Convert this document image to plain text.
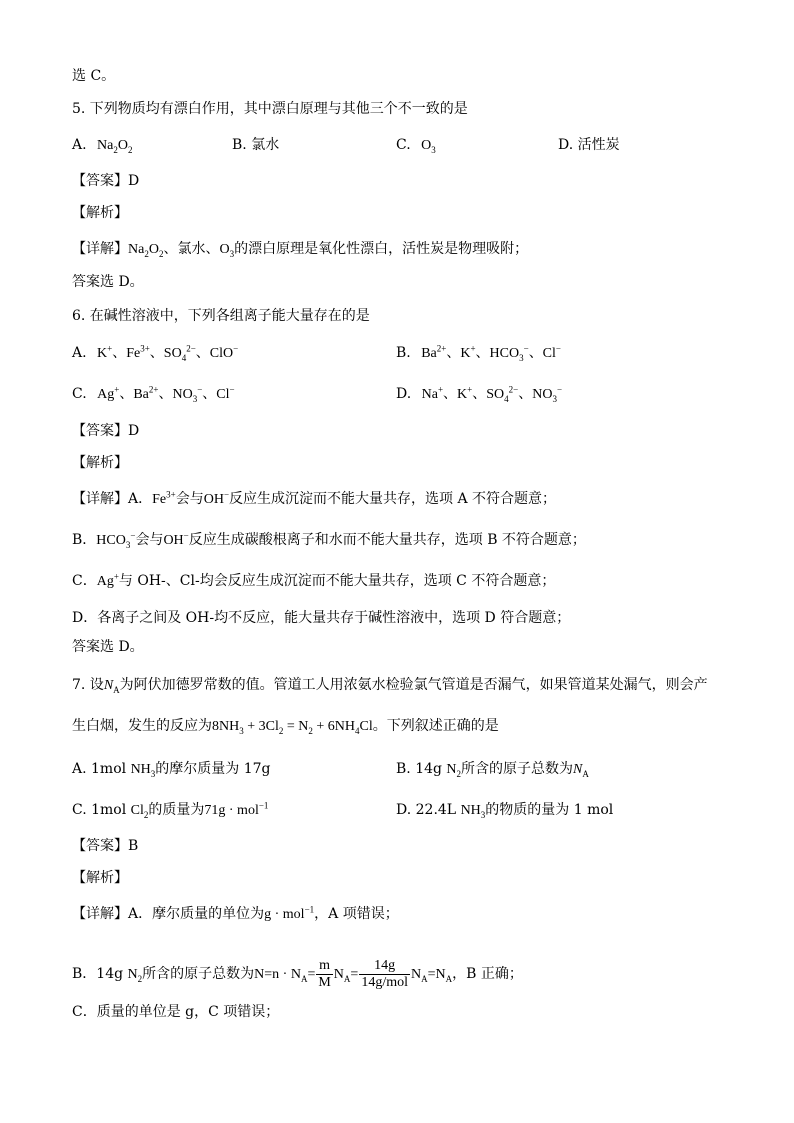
选 C。
5. 下列物质均有漂白作用，其中漂白原理与其他三个不一致的是
A. $Na_2O_2$	B. 氯水	C. $O_3$	D. 活性炭
【答案】D
【解析】
【详解】$Na_2O_2$、氯水、$O_3$的漂白原理是氧化性漂白，活性炭是物理吸附；
答案选 D。
6. 在碱性溶液中，下列各组离子能大量存在的是
A. K+、$Fe^{3+}$、$SO_4^{2-}$、ClO−	B. $Ba^{2+}$、K+、$HCO_3^-$、Cl−
C. Ag+、$Ba^{2+}$、$NO_3^-$、Cl−	D. Na+、K+、$SO_4^{2-}$、$NO_3^-$
【答案】D
【解析】
【详解】A．$Fe^{3+}$会与OH−反应生成沉淀而不能大量共存，选项 A 不符合题意；
B．$HCO_3^-$会与OH−反应生成碳酸根离子和水而不能大量共存，选项 B 不符合题意；
C．Ag+与 OH-、Cl-均会反应生成沉淀而不能大量共存，选项 C 不符合题意；
D．各离子之间及 OH-均不反应，能大量共存于碱性溶液中，选项 D 符合题意；
答案选 D。
7. 设$N_A$为阿伏加德罗常数的值。管道工人用浓氨水检验氯气管道是否漏气，如果管道某处漏气，则会产
生白烟，发生的反应为$8NH_3 + 3Cl_2 = N_2 + 6NH_4Cl$。下列叙述正确的是
A. 1mol $NH_3$的摩尔质量为 17g	B. 14g $N_2$所含的原子总数为$N_A$
C. 1mol $Cl_2$的质量为71g · mol$^{-1}$	D. 22.4L $NH_3$的物质的量为 1 mol
【答案】B
【解析】
【详解】A．摩尔质量的单位为g · mol$^{-1}$，A 项错误；
B．14g $N_2$所含的原子总数为$N=n \cdot N_A= \frac{m}{M} N_A= \frac{14g}{\text{14g/mol}} N_A=N_A$，B 正确；
C．质量的单位是 g，C 项错误；
